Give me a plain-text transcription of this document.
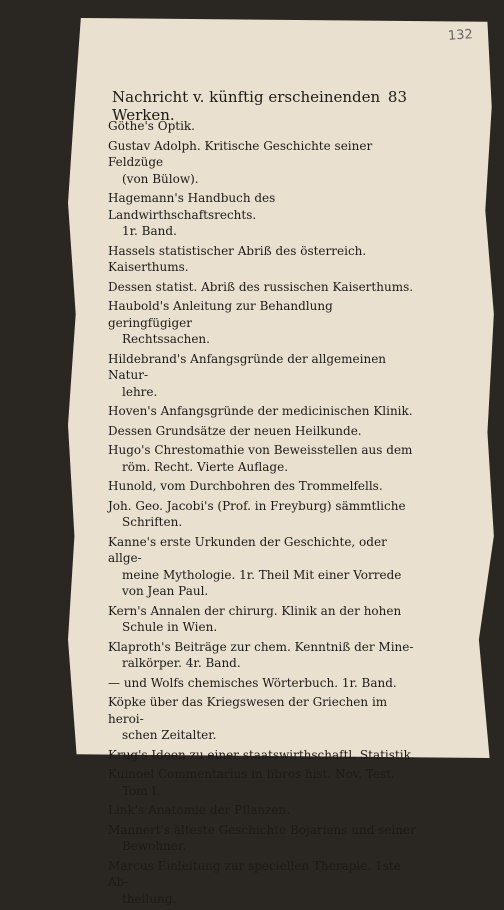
132
Nachricht v. künftig erscheinenden Werken.
83
Göthe's Optik.
Gustav Adolph. Kritische Geschichte seiner Feldzüge
(von Bülow).
Hagemann's Handbuch des Landwirthschaftsrechts.
1r. Band.
Hassels statistischer Abriß des österreich. Kaiserthums.
Dessen statist. Abriß des russischen Kaiserthums.
Haubold's Anleitung zur Behandlung geringfügiger
Rechtssachen.
Hildebrand's Anfangsgründe der allgemeinen Natur-
lehre.
Hoven's Anfangsgründe der medicinischen Klinik.
Dessen Grundsätze der neuen Heilkunde.
Hugo's Chrestomathie von Beweisstellen aus dem
röm. Recht. Vierte Auflage.
Hunold, vom Durchbohren des Trommelfells.
Joh. Geo. Jacobi's (Prof. in Freyburg) sämmtliche
Schriften.
Kanne's erste Urkunden der Geschichte, oder allge-
meine Mythologie. 1r. Theil Mit einer Vorrede
von Jean Paul.
Kern's Annalen der chirurg. Klinik an der hohen
Schule in Wien.
Klaproth's Beiträge zur chem. Kenntniß der Mine-
ralkörper. 4r. Band.
— und Wolfs chemisches Wörterbuch. 1r. Band.
Köpke über das Kriegswesen der Griechen im heroi-
schen Zeitalter.
Krug's Ideen zu einer staatswirthschaftl. Statistik.
Kuinoel Commentarius in libros hist. Nov. Test.
Tom I.
Link's Anatomie der Pflanzen.
Mannert's älteste Geschichte Bojariens und seiner
Bewohner.
Marcus Einleitung zur speciellen Therapie. 1ste Ab-
theilung.
